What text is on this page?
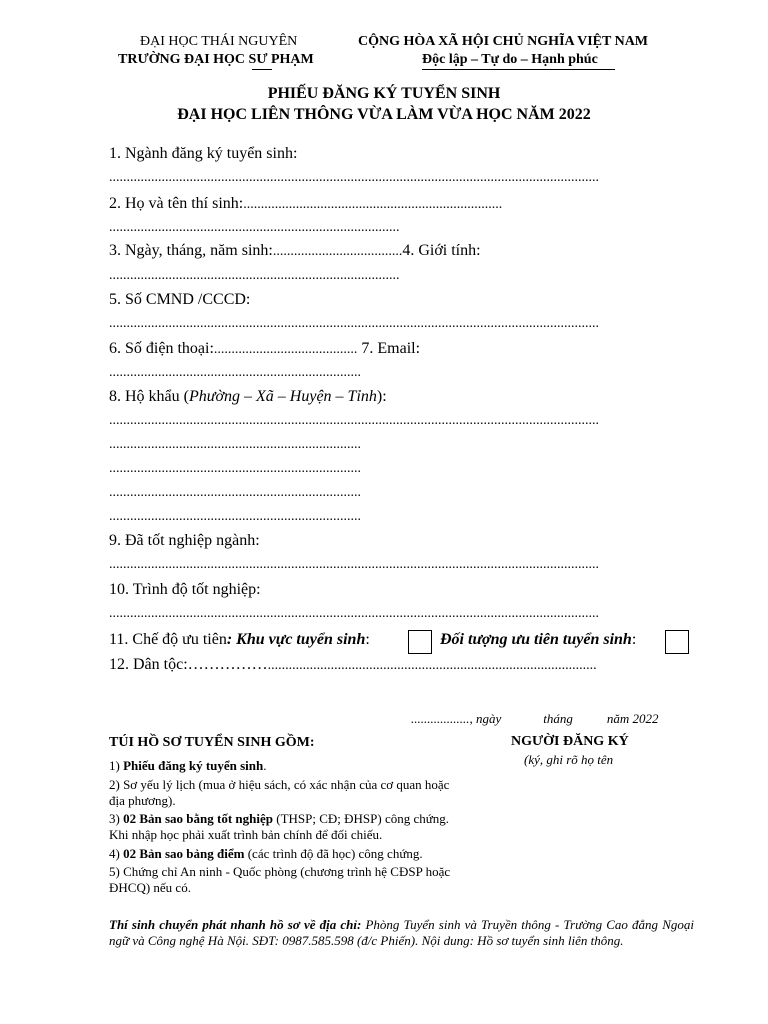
ĐẠI HỌC THÁI NGUYÊN
TRƯỜNG ĐẠI HỌC SƯ PHẠM
CỘNG HÒA XÃ HỘI CHỦ NGHĨA VIỆT NAM
Độc lập – Tự do – Hạnh phúc
PHIẾU ĐĂNG KÝ TUYỂN SINH
ĐẠI HỌC LIÊN THÔNG VỪA LÀM VỪA HỌC NĂM 2022
1. Ngành đăng ký tuyển sinh:
............................................................................................................................................
2. Họ và tên thí sinh:..........................................................................
...................................................................................
3. Ngày, tháng, năm sinh:.....................................4. Giới tính:
...................................................................................
5. Số CMND /CCCD:
............................................................................................................................................
6. Số điện thoại:......................................... 7. Email:
........................................................................
8. Hộ khẩu (Phường – Xã – Huyện – Tỉnh):
............................................................................................................................................
........................................................................
........................................................................
........................................................................
........................................................................
9. Đã tốt nghiệp ngành:
............................................................................................................................................
10. Trình độ tốt nghiệp:
............................................................................................................................................
11. Chế độ ưu tiên: Khu vực tuyển sinh:	Đối tượng ưu tiên tuyển sinh:
12. Dân tộc:……………..............................................................................................
.................., ngày	tháng	năm 2022
TÚI HỒ SƠ TUYỂN SINH GỒM:
1) Phiếu đăng ký tuyển sinh.
2) Sơ yếu lý lịch (mua ở hiệu sách, có xác nhận của cơ quan hoặc địa phương).
3) 02 Bản sao bằng tốt nghiệp (THSP; CĐ; ĐHSP) công chứng. Khi nhập học phải xuất trình bản chính để đối chiếu.
4) 02 Bản sao bảng điểm (các trình độ đã học) công chứng.
5) Chứng chỉ An ninh - Quốc phòng (chương trình hệ CĐSP hoặc ĐHCQ) nếu có.
NGƯỜI ĐĂNG KÝ
(ký, ghi rõ họ tên
Thí sinh chuyển phát nhanh hồ sơ về địa chỉ: Phòng Tuyển sinh và Truyền thông - Trường Cao đẳng Ngoại ngữ và Công nghệ Hà Nội. SĐT: 0987.585.598 (đ/c Phiến). Nội dung: Hồ sơ tuyển sinh liên thông.
